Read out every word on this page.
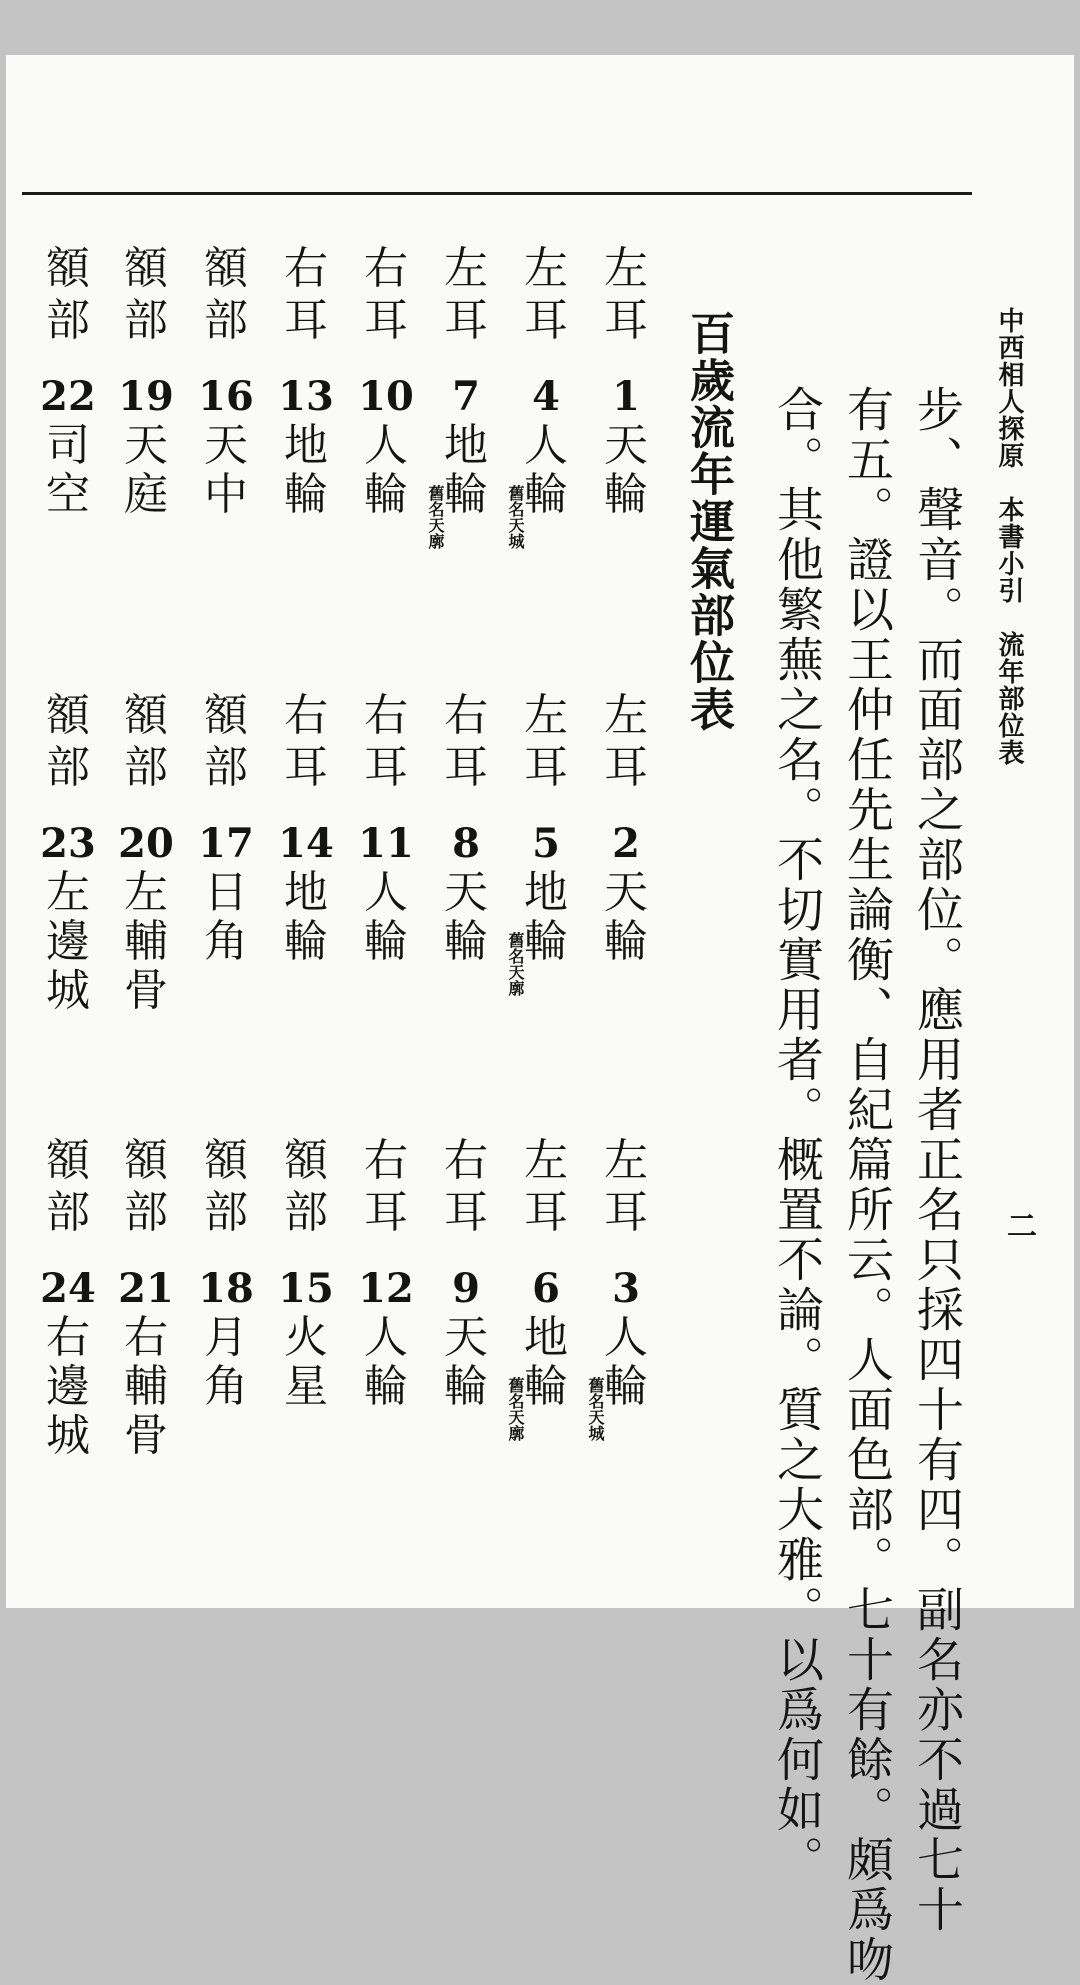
中西相人探原　本書小引　流年部位表
二
步、聲音。而面部之部位。應用者正名只採四十有四。副名亦不過七十
有五。證以王仲任先生論衡、自紀篇所云。人面色部。七十有餘。頗爲吻
合。其他繁蕪之名。不切實用者。概置不論。質之大雅。以爲何如。
百歲流年運氣部位表
左
耳
1
天
輪
左
耳
2
天
輪
左
耳
3
人
輪
舊名天城
左
耳
4
人
輪
舊名天城
左
耳
5
地
輪
舊名天廓
左
耳
6
地
輪
舊名天廓
左
耳
7
地
輪
舊名天廓
右
耳
8
天
輪
右
耳
9
天
輪
右
耳
10
人
輪
右
耳
11
人
輪
右
耳
12
人
輪
右
耳
13
地
輪
右
耳
14
地
輪
額
部
15
火
星
額
部
16
天
中
額
部
17
日
角
額
部
18
月
角
額
部
19
天
庭
額
部
20
左
輔
骨
額
部
21
右
輔
骨
額
部
22
司
空
額
部
23
左
邊
城
額
部
24
右
邊
城
